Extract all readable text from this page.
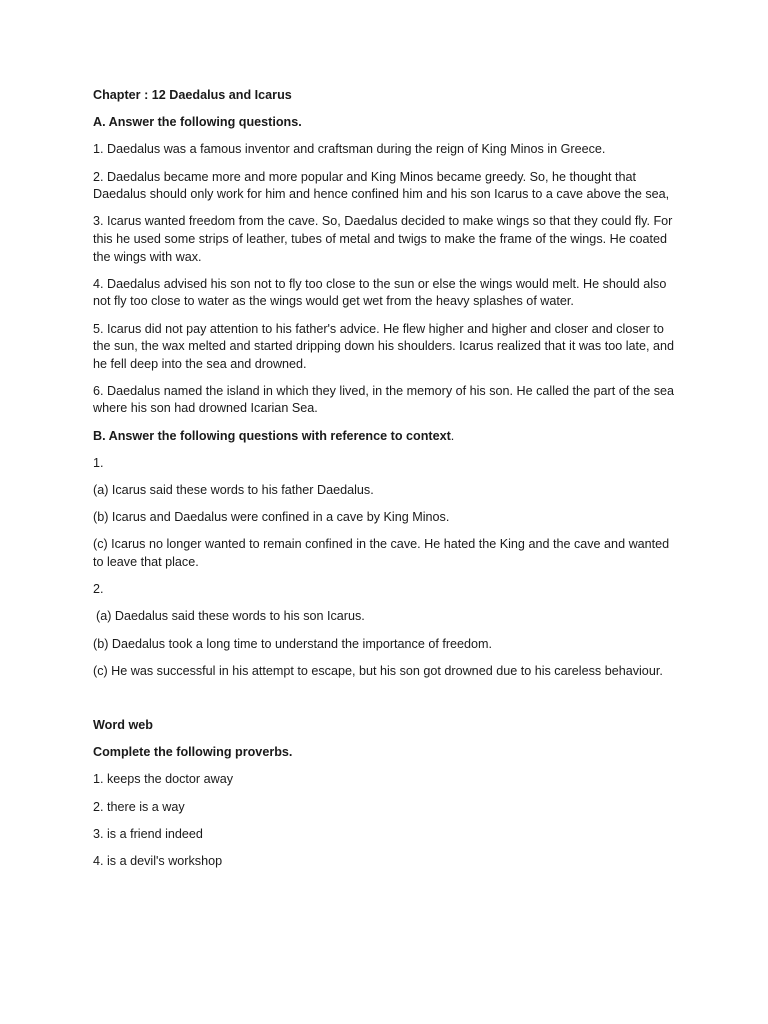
Chapter : 12 Daedalus and Icarus

A. Answer the following questions.

1. Daedalus was a famous inventor and craftsman during the reign of King Minos in Greece.

2. Daedalus became more and more popular and King Minos became greedy. So, he thought that Daedalus should only work for him and hence confined him and his son Icarus to a cave above the sea,

3. Icarus wanted freedom from the cave. So, Daedalus decided to make wings so that they could fly. For this he used some strips of leather, tubes of metal and twigs to make the frame of the wings. He coated the wings with wax.

4. Daedalus advised his son not to fly too close to the sun or else the wings would melt. He should also not fly too close to water as the wings would get wet from the heavy splashes of water.

5. Icarus did not pay attention to his father's advice. He flew higher and higher and closer and closer to the sun, the wax melted and started dripping down his shoulders. Icarus realized that it was too late, and he fell deep into the sea and drowned.

6. Daedalus named the island in which they lived, in the memory of his son. He called the part of the sea where his son had drowned Icarian Sea.

B. Answer the following questions with reference to context.

1.

(a) Icarus said these words to his father Daedalus.

(b) Icarus and Daedalus were confined in a cave by King Minos.

(c) Icarus no longer wanted to remain confined in the cave. He hated the King and the cave and wanted to leave that place.

2.

(a) Daedalus said these words to his son Icarus.

(b) Daedalus took a long time to understand the importance of freedom.

(c) He was successful in his attempt to escape, but his son got drowned due to his careless behaviour.

Word web

Complete the following proverbs.

1. keeps the doctor away

2. there is a way

3. is a friend indeed

4. is a devil's workshop
